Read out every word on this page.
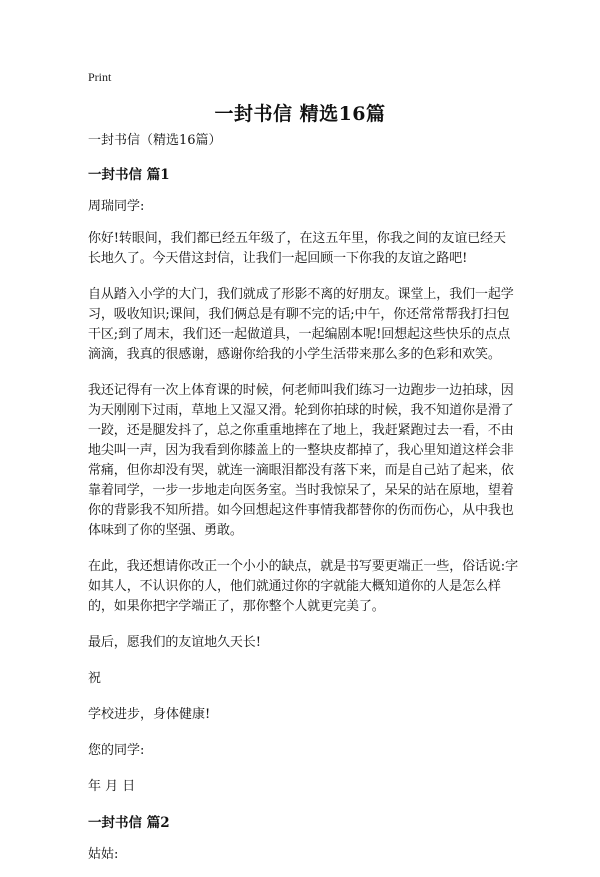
Print
一封书信 精选16篇

一封书信（精选16篇）

一封书信 篇1

周瑞同学:

你好!转眼间，我们都已经五年级了，在这五年里，你我之间的友谊已经天长地久了。今天借这封信，让我们一起回顾一下你我的友谊之路吧!

自从踏入小学的大门，我们就成了形影不离的好朋友。课堂上，我们一起学习，吸收知识;课间，我们俩总是有聊不完的话;中午，你还常常帮我打扫包干区;到了周末，我们还一起做道具，一起编剧本呢!回想起这些快乐的点点滴滴，我真的很感谢，感谢你给我的小学生活带来那么多的色彩和欢笑。

我还记得有一次上体育课的时候，何老师叫我们练习一边跑步一边拍球，因为天刚刚下过雨，草地上又湿又滑。轮到你拍球的时候，我不知道你是滑了一跤，还是腿发抖了，总之你重重地摔在了地上，我赶紧跑过去一看，不由地尖叫一声，因为我看到你膝盖上的一整块皮都掉了，我心里知道这样会非常痛，但你却没有哭，就连一滴眼泪都没有落下来，而是自己站了起来，依靠着同学，一步一步地走向医务室。当时我惊呆了，呆呆的站在原地，望着你的背影我不知所措。如今回想起这件事情我都替你的伤而伤心，从中我也体味到了你的坚强、勇敢。

在此，我还想请你改正一个小小的缺点，就是书写要更端正一些，俗话说:字如其人，不认识你的人，他们就通过你的字就能大概知道你的人是怎么样的，如果你把字学端正了，那你整个人就更完美了。

最后，愿我们的友谊地久天长!

祝

学校进步，身体健康!

您的同学:

年 月 日

一封书信 篇2

姑姑:
